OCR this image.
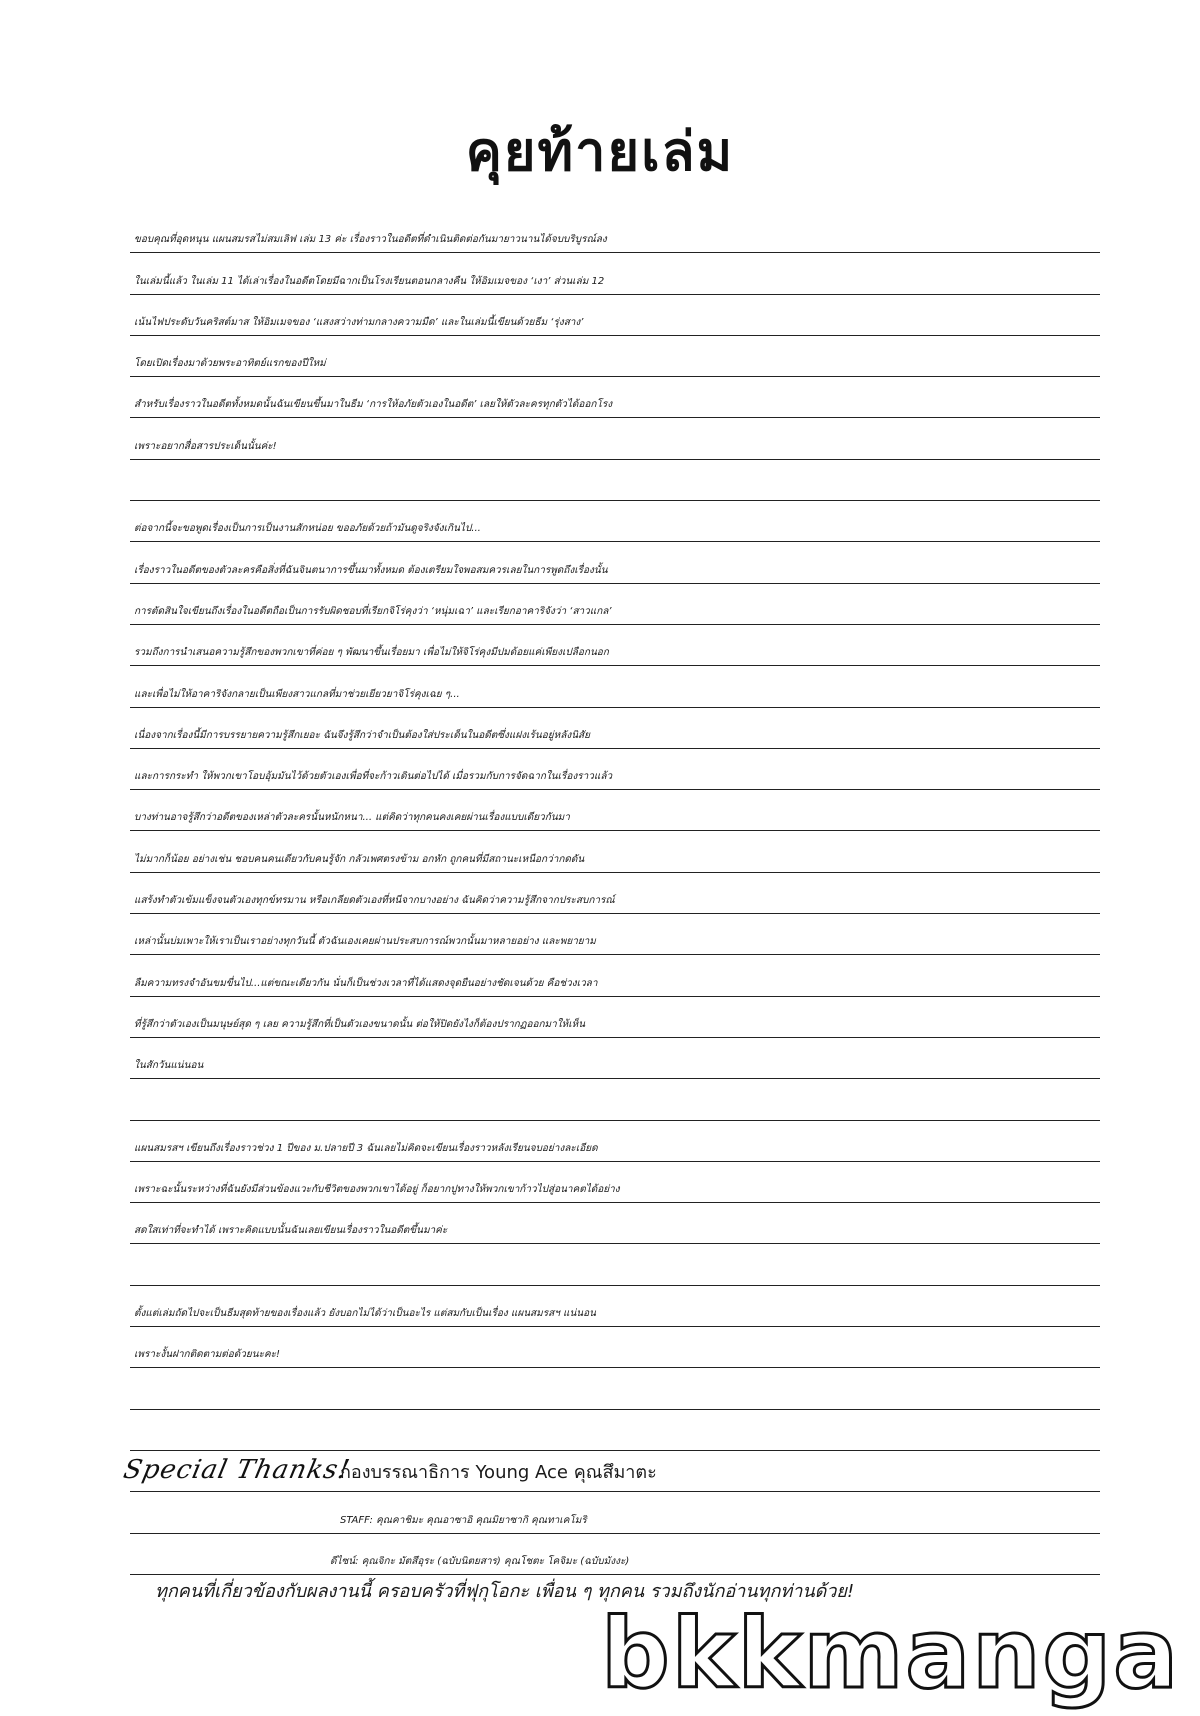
คุยท้ายเล่ม
ขอบคุณที่อุดหนุน แผนสมรสไม่สมเลิฟ เล่ม 13 ค่ะ เรื่องราวในอดีตที่ดำเนินติดต่อกันมายาวนานได้จบบริบูรณ์ลง
ในเล่มนี้แล้ว ในเล่ม 11 ได้เล่าเรื่องในอดีตโดยมีฉากเป็นโรงเรียนตอนกลางคืน ให้อิมเมจของ ‘เงา’ ส่วนเล่ม 12
เน้นไฟประดับวันคริสต์มาส ให้อิมเมจของ ‘แสงสว่างท่ามกลางความมืด’ และในเล่มนี้เขียนด้วยธีม ‘รุ่งสาง’
โดยเปิดเรื่องมาด้วยพระอาทิตย์แรกของปีใหม่
สำหรับเรื่องราวในอดีตทั้งหมดนั้นฉันเขียนขึ้นมาในธีม ‘การให้อภัยตัวเองในอดีต’ เลยให้ตัวละครทุกตัวได้ออกโรง
เพราะอยากสื่อสารประเด็นนั้นค่ะ!
ต่อจากนี้จะขอพูดเรื่องเป็นการเป็นงานสักหน่อย ขออภัยด้วยถ้ามันดูจริงจังเกินไป...
เรื่องราวในอดีตของตัวละครคือสิ่งที่ฉันจินตนาการขึ้นมาทั้งหมด ต้องเตรียมใจพอสมควรเลยในการพูดถึงเรื่องนั้น
การตัดสินใจเขียนถึงเรื่องในอดีตถือเป็นการรับผิดชอบที่เรียกจิโร่คุงว่า ‘หนุ่มเฉา’ และเรียกอาคาริจังว่า ‘สาวแกล’
รวมถึงการนำเสนอความรู้สึกของพวกเขาที่ค่อย ๆ พัฒนาขึ้นเรื่อยมา เพื่อไม่ให้จิโร่คุงมีปมด้อยแค่เพียงเปลือกนอก
และเพื่อไม่ให้อาคาริจังกลายเป็นเพียงสาวแกลที่มาช่วยเยียวยาจิโร่คุงเฉย ๆ...
เนื่องจากเรื่องนี้มีการบรรยายความรู้สึกเยอะ ฉันจึงรู้สึกว่าจำเป็นต้องใส่ประเด็นในอดีตซึ่งแฝงเร้นอยู่หลังนิสัย
และการกระทำ ให้พวกเขาโอบอุ้มมันไว้ด้วยตัวเองเพื่อที่จะก้าวเดินต่อไปได้ เมื่อรวมกับการจัดฉากในเรื่องราวแล้ว
บางท่านอาจรู้สึกว่าอดีตของเหล่าตัวละครนั้นหนักหนา... แต่คิดว่าทุกคนคงเคยผ่านเรื่องแบบเดียวกันมา
ไม่มากก็น้อย อย่างเช่น ชอบคนคนเดียวกับคนรู้จัก กลัวเพศตรงข้าม อกหัก ถูกคนที่มีสถานะเหนือกว่ากดดัน
แสร้งทำตัวเข้มแข็งจนตัวเองทุกข์ทรมาน หรือเกลียดตัวเองที่หนีจากบางอย่าง ฉันคิดว่าความรู้สึกจากประสบการณ์
เหล่านั้นบ่มเพาะให้เราเป็นเราอย่างทุกวันนี้ ตัวฉันเองเคยผ่านประสบการณ์พวกนั้นมาหลายอย่าง และพยายาม
ลืมความทรงจำอันขมขื่นไป...แต่ขณะเดียวกัน นั่นก็เป็นช่วงเวลาที่ได้แสดงจุดยืนอย่างชัดเจนด้วย คือช่วงเวลา
ที่รู้สึกว่าตัวเองเป็นมนุษย์สุด ๆ เลย ความรู้สึกที่เป็นตัวเองขนาดนั้น ต่อให้ปิดยังไงก็ต้องปรากฏออกมาให้เห็น
ในสักวันแน่นอน
แผนสมรสฯ เขียนถึงเรื่องราวช่วง 1 ปีของ ม.ปลายปี 3 ฉันเลยไม่คิดจะเขียนเรื่องราวหลังเรียนจบอย่างละเอียด
เพราะฉะนั้นระหว่างที่ฉันยังมีส่วนข้องแวะกับชีวิตของพวกเขาได้อยู่ ก็อยากปูทางให้พวกเขาก้าวไปสู่อนาคตได้อย่าง
สดใสเท่าที่จะทำได้ เพราะคิดแบบนั้นฉันเลยเขียนเรื่องราวในอดีตขึ้นมาค่ะ
ตั้งแต่เล่มถัดไปจะเป็นธีมสุดท้ายของเรื่องแล้ว ยังบอกไม่ได้ว่าเป็นอะไร แต่สมกับเป็นเรื่อง แผนสมรสฯ แน่นอน
เพราะงั้นฝากติดตามต่อด้วยนะคะ!
Special Thanks!
กองบรรณาธิการ Young Ace คุณสึมาตะ
STAFF: คุณคาชิมะ คุณอาซาอิ คุณมิยาซากิ คุณทาเคโมริ
ดีไซน์: คุณจิกะ มัตสึอุระ (ฉบับนิตยสาร) คุณโชตะ โคจิมะ (ฉบับมังงะ)
ทุกคนที่เกี่ยวข้องกับผลงานนี้ ครอบครัวที่ฟุกุโอกะ เพื่อน ๆ ทุกคน รวมถึงนักอ่านทุกท่านด้วย!
bkkmanga
